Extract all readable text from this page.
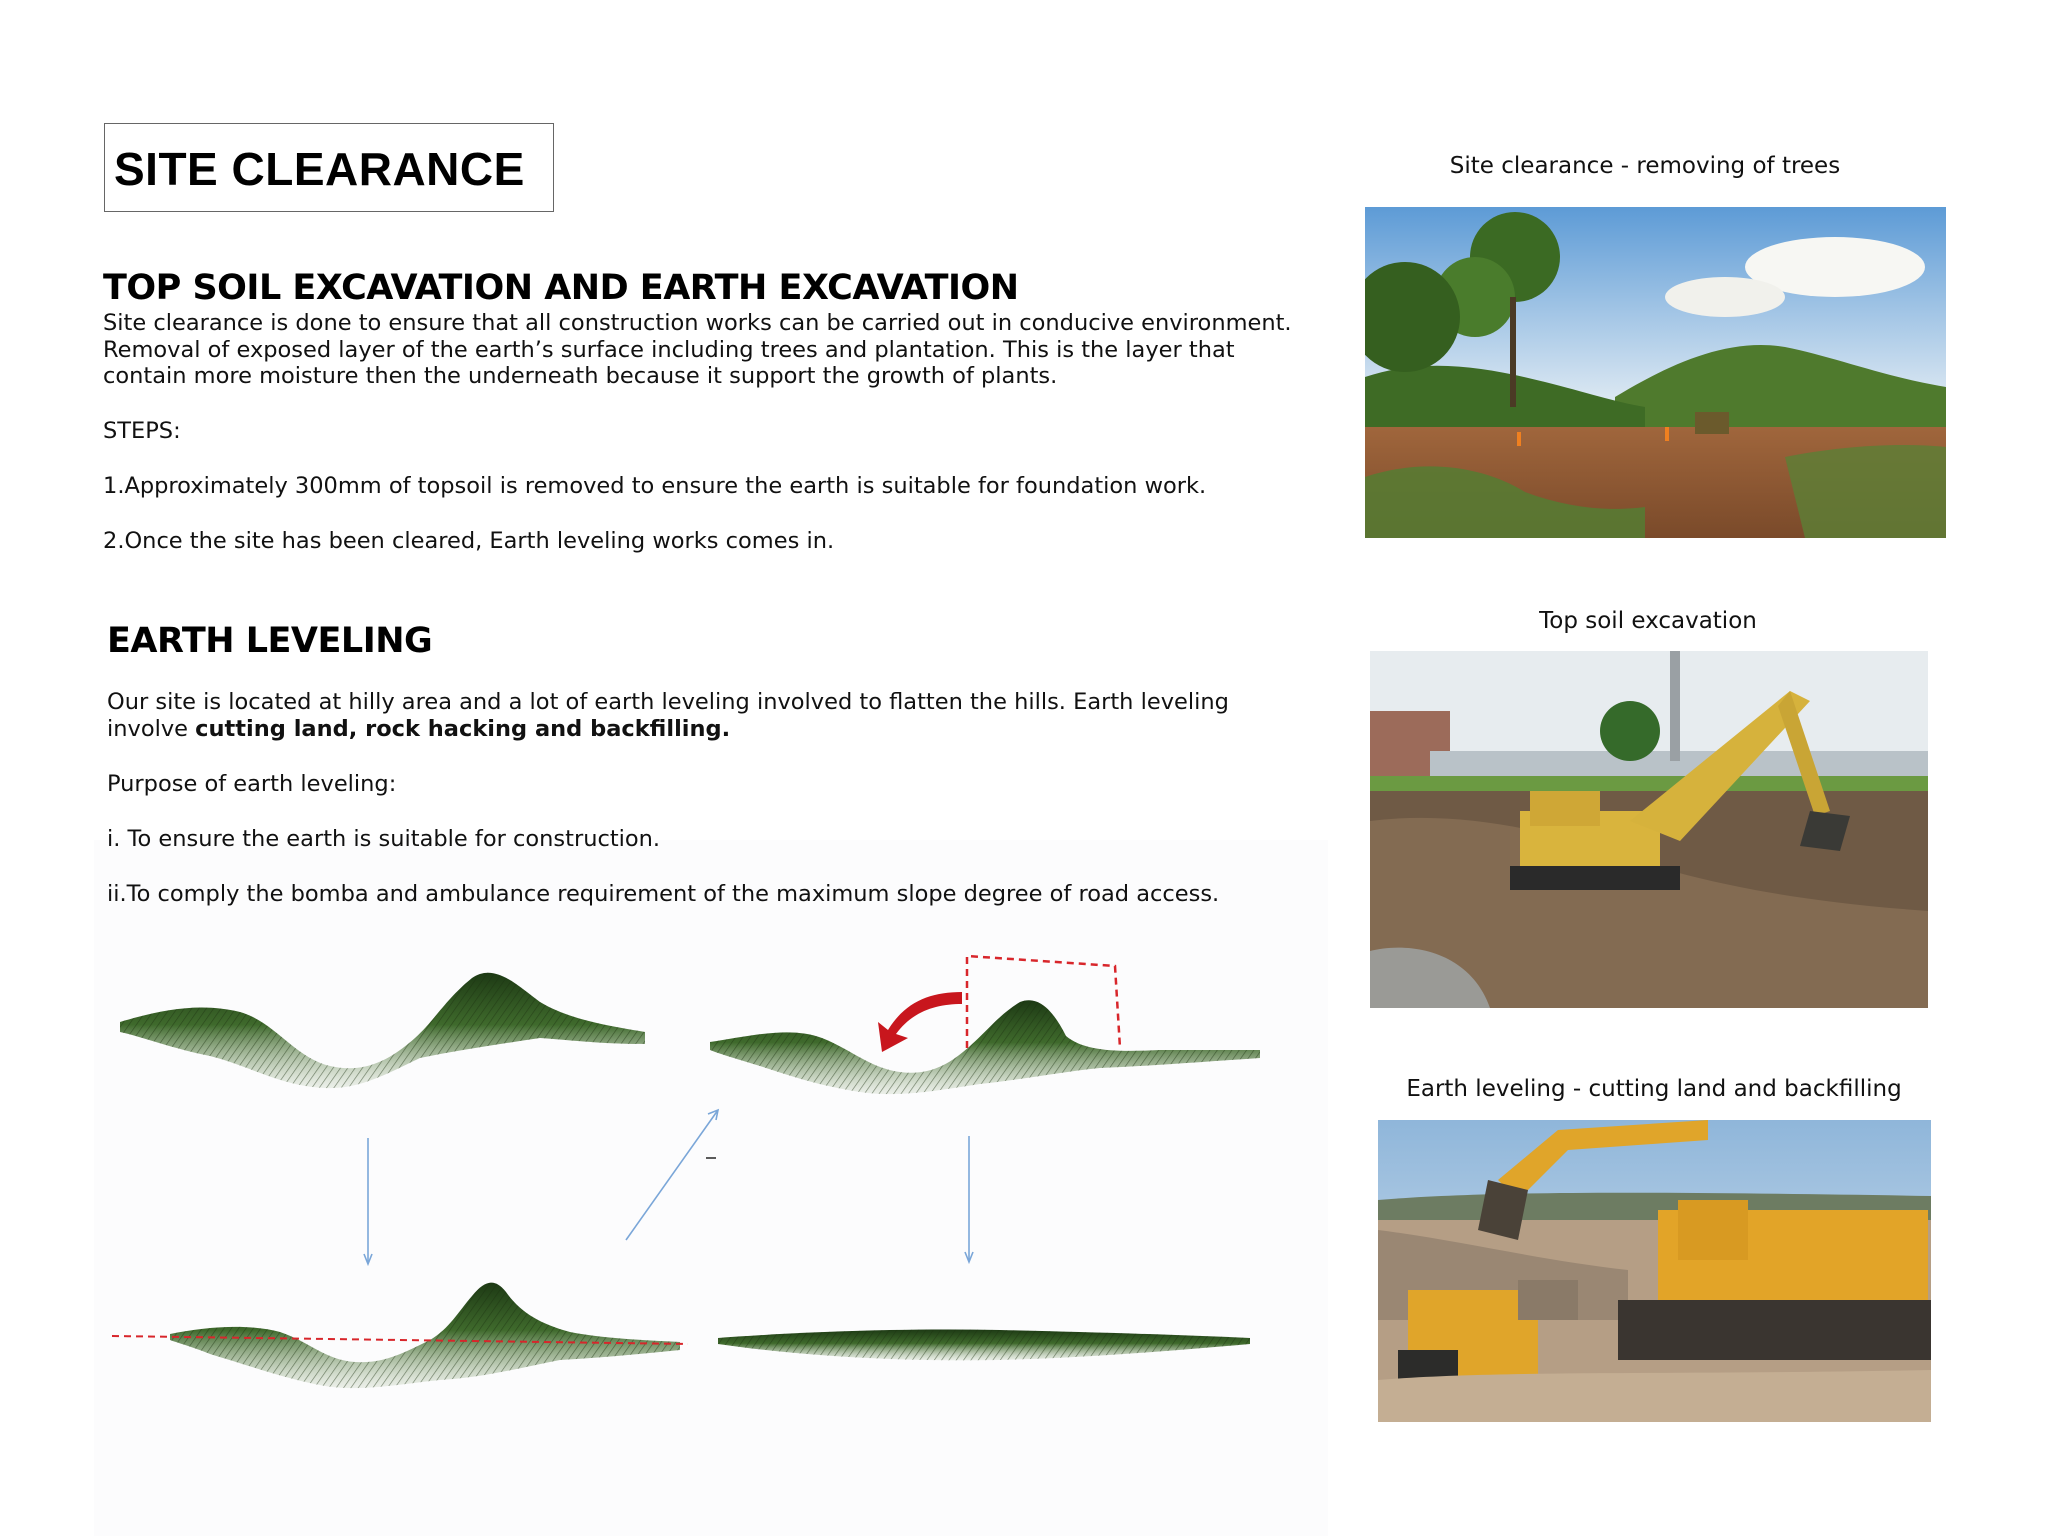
SITE CLEARANCE
TOP SOIL EXCAVATION AND EARTH EXCAVATION

Site clearance is done to ensure that all construction works can be carried out in conducive environment.

Removal of exposed layer of the earth’s surface including trees and plantation. This is the layer that

contain more moisture then the underneath because it support the growth of plants.

STEPS:
1.Approximately 300mm of topsoil is removed to ensure the earth is suitable for foundation work.
2.Once the site has been cleared, Earth leveling works comes in.
EARTH LEVELING

Our site is located at hilly area and a lot of earth leveling involved to flatten the hills. Earth leveling

involve cutting land, rock hacking and backfilling.

Purpose of earth leveling:
i. To ensure the earth is suitable for construction.
ii.To comply the bomba and ambulance requirement of the maximum slope degree of road access.
Site clearance - removing of trees
Top soil excavation
Earth leveling - cutting land and backfilling
